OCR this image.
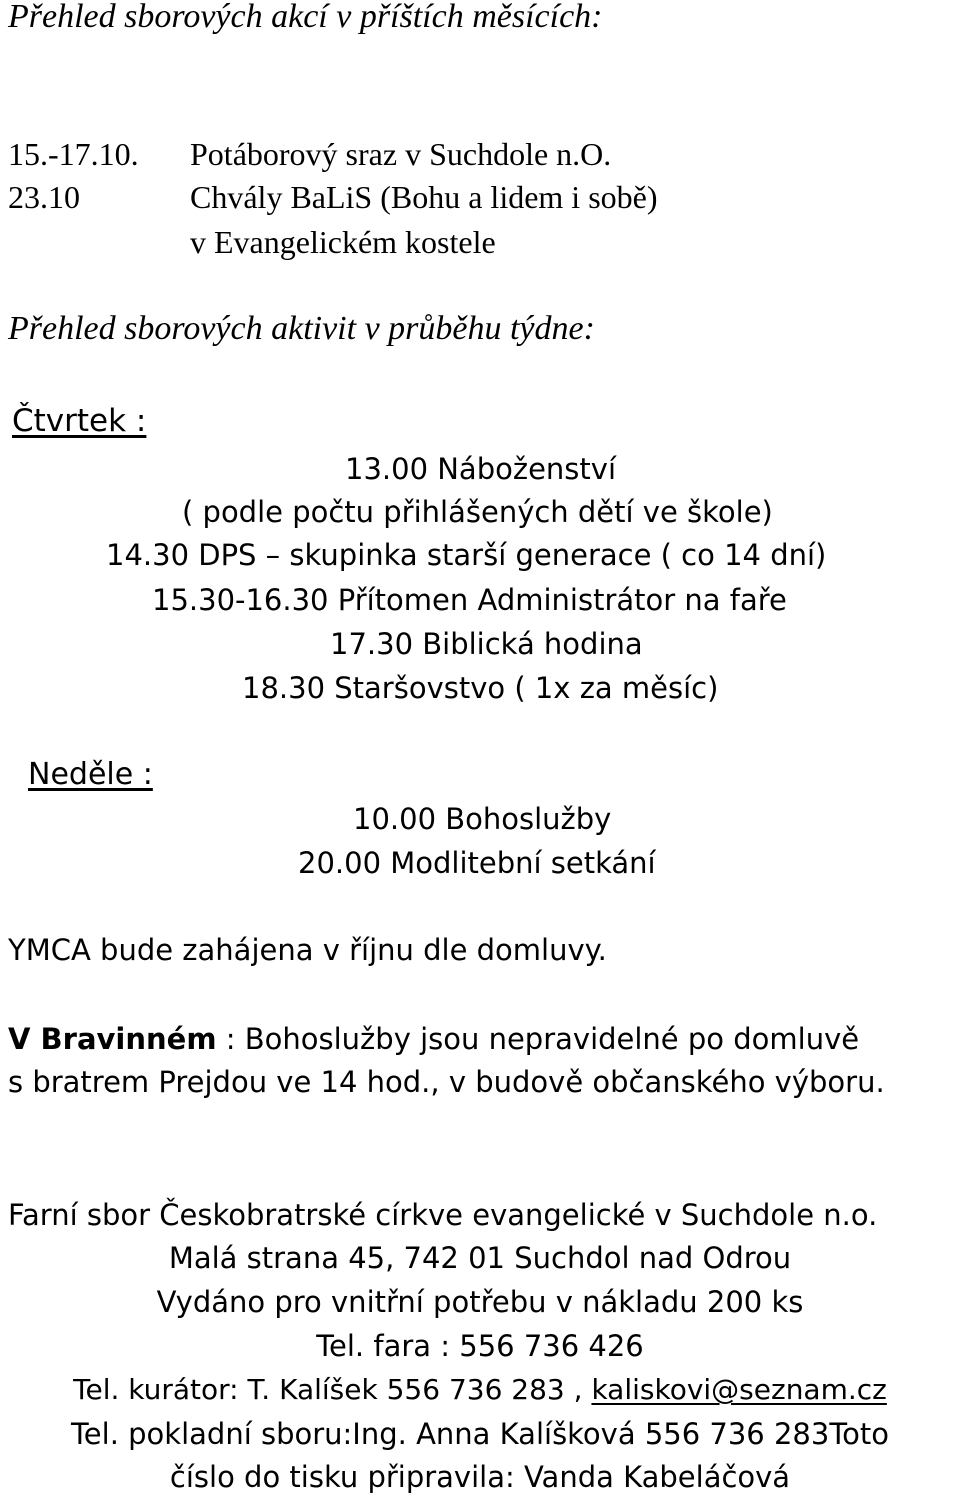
Přehled sborových akcí v příštích měsících:

15.-17.10. Potáborový sraz v Suchdole n.O.

23.10	Chvály BaLiS (Bohu a lidem i sobě)

v Evangelickém kostele

Přehled sborových aktivit v průběhu týdne:

Čtvrtek :

13.00 Náboženství

( podle počtu přihlášených dětí ve škole)

14.30 DPS – skupinka starší generace ( co 14 dní)

15.30-16.30 Přítomen Administrátor na faře

17.30 Biblická hodina

18.30 Staršovstvo ( 1x za měsíc)

Neděle :

10.00 Bohoslužby

20.00 Modlitební setkání

YMCA bude zahájena v říjnu dle domluvy.

V Bravinném : Bohoslužby jsou nepravidelné po domluvě

s bratrem Prejdou ve 14 hod., v budově občanského výboru.

Farní sbor Českobratrské církve evangelické v Suchdole n.o.

Malá strana 45, 742 01 Suchdol nad Odrou

Vydáno pro vnitřní potřebu v nákladu 200 ks

Tel. fara : 556 736 426

Tel. kurátor: T. Kalíšek 556 736 283 , kaliskovi@seznam.cz

Tel. pokladní sboru:Ing. Anna Kalíšková 556 736 283Toto

číslo do tisku připravila: Vanda Kabeláčová
